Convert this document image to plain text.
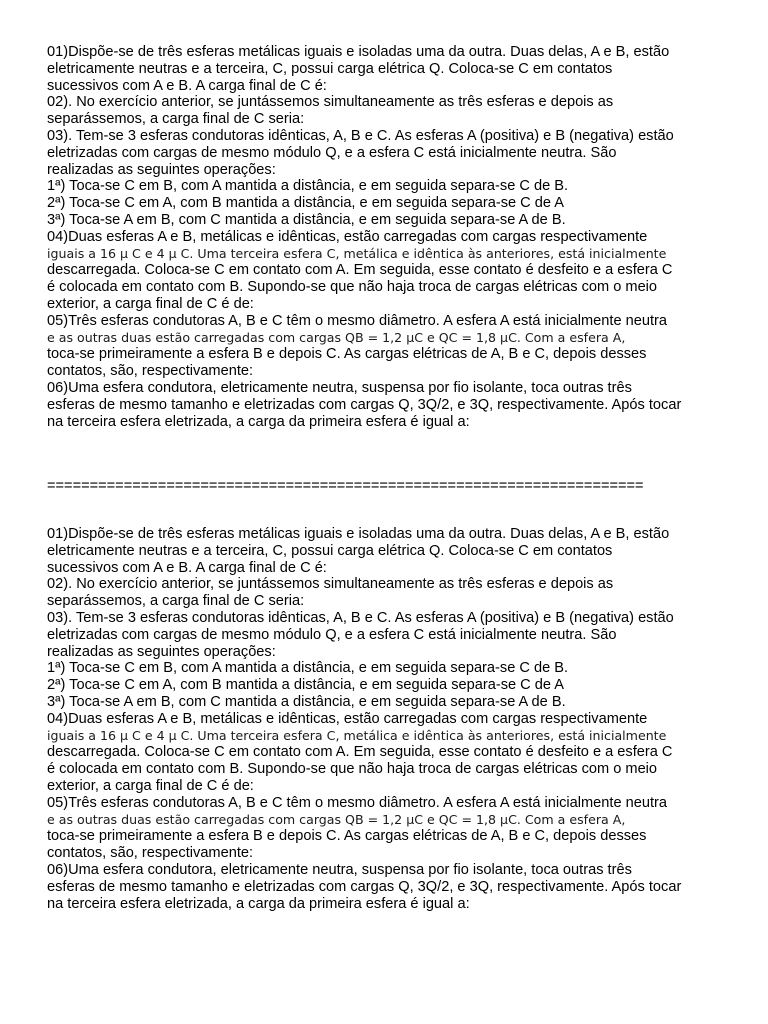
01)Dispõe-se de três esferas metálicas iguais e isoladas uma da outra. Duas delas, A e B, estão
eletricamente neutras e a terceira, C, possui carga elétrica Q. Coloca-se C em contatos
sucessivos com A e B. A carga final de C é:
02). No exercício anterior, se juntássemos simultaneamente as três esferas e depois as
separássemos, a carga final de C seria:
03). Tem-se 3 esferas condutoras idênticas, A, B e C. As esferas A (positiva) e B (negativa) estão
eletrizadas com cargas de mesmo módulo Q, e a esfera C está inicialmente neutra. São
realizadas as seguintes operações:
1ª) Toca-se C em B, com A mantida a distância, e em seguida separa-se C de B.
2ª) Toca-se C em A, com B mantida a distância, e em seguida separa-se C de A
3ª) Toca-se A em B, com C mantida a distância, e em seguida separa-se A de B.
04)Duas esferas A e B, metálicas e idênticas, estão carregadas com cargas respectivamente
iguais a 16 μ C e 4 μ C. Uma terceira esfera C, metálica e idêntica às anteriores, está inicialmente
descarregada. Coloca-se C em contato com A. Em seguida, esse contato é desfeito e a esfera C
é colocada em contato com B. Supondo-se que não haja troca de cargas elétricas com o meio
exterior, a carga final de C é de:
05)Três esferas condutoras A, B e C têm o mesmo diâmetro. A esfera A está inicialmente neutra
e as outras duas estão carregadas com cargas QB = 1,2 μC e QC = 1,8 μC. Com a esfera A,
toca-se primeiramente a esfera B e depois C. As cargas elétricas de A, B e C, depois desses
contatos, são, respectivamente:
06)Uma esfera condutora, eletricamente neutra, suspensa por fio isolante, toca outras três
esferas de mesmo tamanho e eletrizadas com cargas Q, 3Q/2, e 3Q, respectivamente. Após tocar
na terceira esfera eletrizada, a carga da primeira esfera é igual a:
======================================================================
01)Dispõe-se de três esferas metálicas iguais e isoladas uma da outra. Duas delas, A e B, estão
eletricamente neutras e a terceira, C, possui carga elétrica Q. Coloca-se C em contatos
sucessivos com A e B. A carga final de C é:
02). No exercício anterior, se juntássemos simultaneamente as três esferas e depois as
separássemos, a carga final de C seria:
03). Tem-se 3 esferas condutoras idênticas, A, B e C. As esferas A (positiva) e B (negativa) estão
eletrizadas com cargas de mesmo módulo Q, e a esfera C está inicialmente neutra. São
realizadas as seguintes operações:
1ª) Toca-se C em B, com A mantida a distância, e em seguida separa-se C de B.
2ª) Toca-se C em A, com B mantida a distância, e em seguida separa-se C de A
3ª) Toca-se A em B, com C mantida a distância, e em seguida separa-se A de B.
04)Duas esferas A e B, metálicas e idênticas, estão carregadas com cargas respectivamente
iguais a 16 μ C e 4 μ C. Uma terceira esfera C, metálica e idêntica às anteriores, está inicialmente
descarregada. Coloca-se C em contato com A. Em seguida, esse contato é desfeito e a esfera C
é colocada em contato com B. Supondo-se que não haja troca de cargas elétricas com o meio
exterior, a carga final de C é de:
05)Três esferas condutoras A, B e C têm o mesmo diâmetro. A esfera A está inicialmente neutra
e as outras duas estão carregadas com cargas QB = 1,2 μC e QC = 1,8 μC. Com a esfera A,
toca-se primeiramente a esfera B e depois C. As cargas elétricas de A, B e C, depois desses
contatos, são, respectivamente:
06)Uma esfera condutora, eletricamente neutra, suspensa por fio isolante, toca outras três
esferas de mesmo tamanho e eletrizadas com cargas Q, 3Q/2, e 3Q, respectivamente. Após tocar
na terceira esfera eletrizada, a carga da primeira esfera é igual a:
